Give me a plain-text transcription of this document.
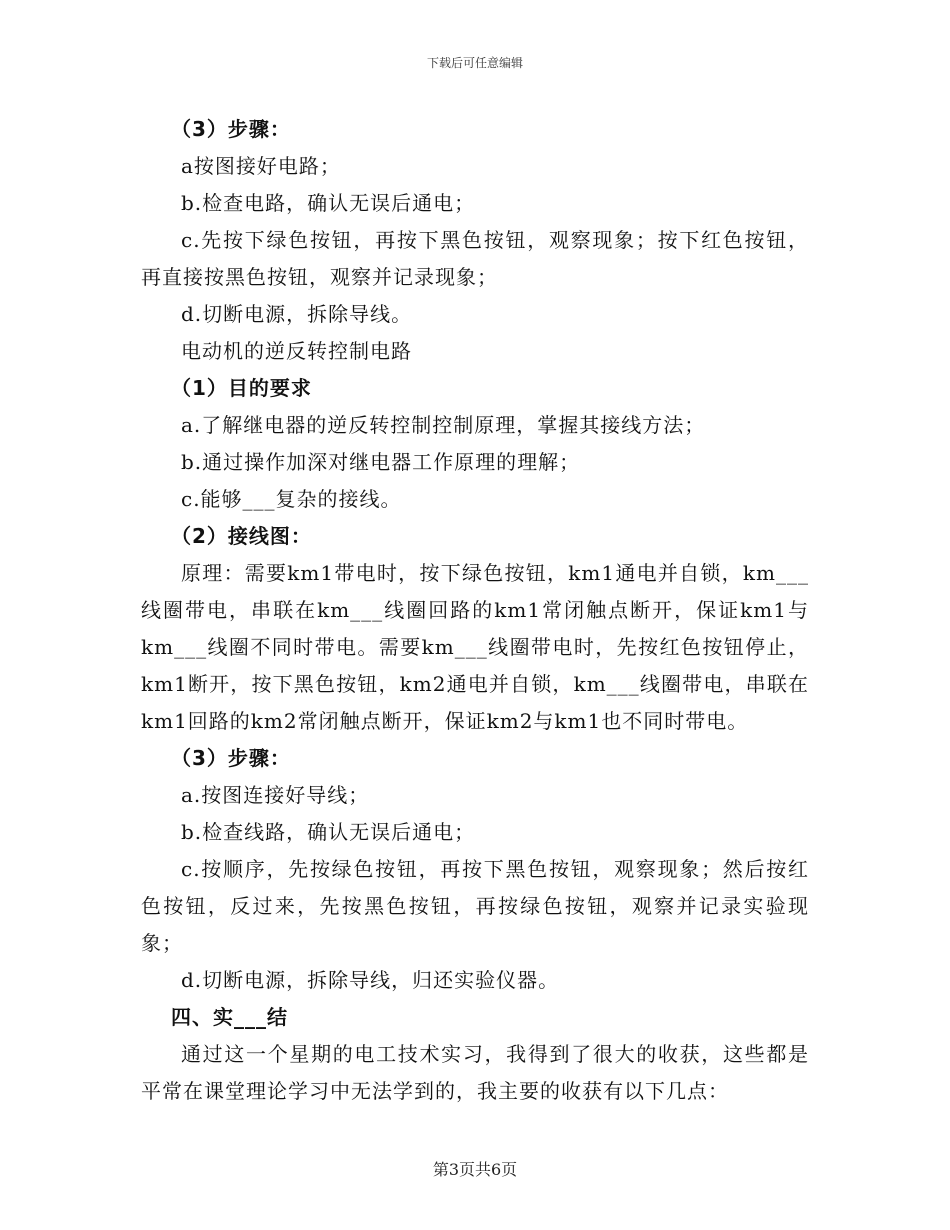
下载后可任意编辑

（3）步骤：

a按图接好电路；

b.检查电路，确认无误后通电；

c.先按下绿色按钮，再按下黑色按钮，观察现象；按下红色按钮，再直接按黑色按钮，观察并记录现象；

d.切断电源，拆除导线。

电动机的逆反转控制电路

（1）目的要求

a.了解继电器的逆反转控制控制原理，掌握其接线方法；

b.通过操作加深对继电器工作原理的理解；

c.能够___复杂的接线。

（2）接线图：

原理：需要km1带电时，按下绿色按钮，km1通电并自锁，km___线圈带电，串联在km___线圈回路的km1常闭触点断开，保证km1与km___线圈不同时带电。需要km___线圈带电时，先按红色按钮停止，km1断开，按下黑色按钮，km2通电并自锁，km___线圈带电，串联在km1回路的km2常闭触点断开，保证km2与km1也不同时带电。

（3）步骤：

a.按图连接好导线；

b.检查线路，确认无误后通电；

c.按顺序，先按绿色按钮，再按下黑色按钮，观察现象；然后按红色按钮，反过来，先按黑色按钮，再按绿色按钮，观察并记录实验现象；

d.切断电源，拆除导线，归还实验仪器。

四、实___结

通过这一个星期的电工技术实习，我得到了很大的收获，这些都是平常在课堂理论学习中无法学到的，我主要的收获有以下几点：

第3页共6页
